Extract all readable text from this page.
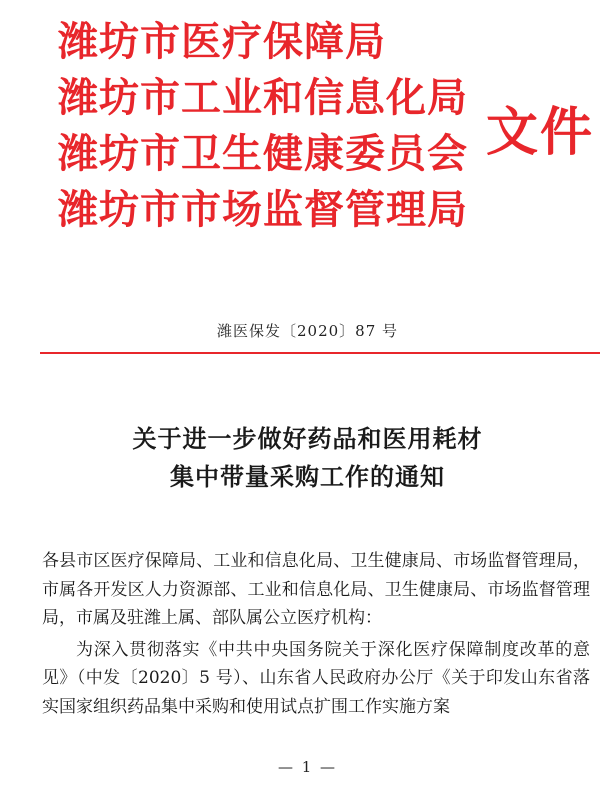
潍坊市医疗保障局
潍坊市工业和信息化局
潍坊市卫生健康委员会
潍坊市市场监督管理局
文件
潍医保发〔2020〕87 号
关于进一步做好药品和医用耗材
集中带量采购工作的通知

各县市区医疗保障局、工业和信息化局、卫生健康局、市场监督管理局，市属各开发区人力资源部、工业和信息化局、卫生健康局、市场监督管理局，市属及驻潍上属、部队属公立医疗机构：

为深入贯彻落实《中共中央国务院关于深化医疗保障制度改革的意见》（中发〔2020〕5 号）、山东省人民政府办公厅《关于印发山东省落实国家组织药品集中采购和使用试点扩围工作实施方案

— 1 —
